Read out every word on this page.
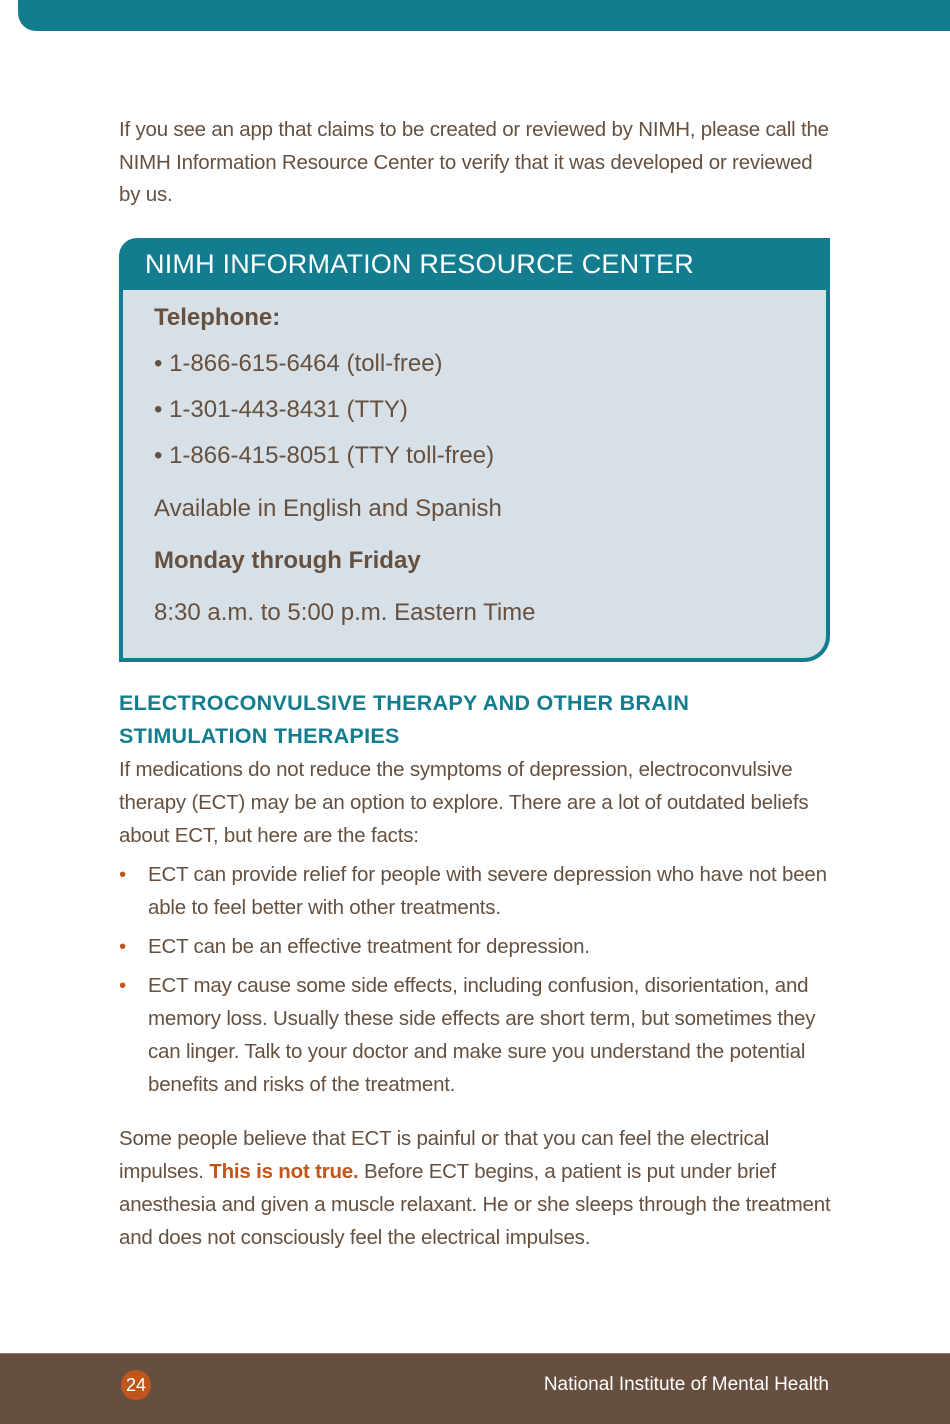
If you see an app that claims to be created or reviewed by NIMH, please call the NIMH Information Resource Center to verify that it was developed or reviewed by us.

NIMH INFORMATION RESOURCE CENTER
Telephone:
• 1-866-615-6464 (toll-free)
• 1-301-443-8431 (TTY)
• 1-866-415-8051 (TTY toll-free)
Available in English and Spanish
Monday through Friday
8:30 a.m. to 5:00 p.m. Eastern Time
ELECTROCONVULSIVE THERAPY AND OTHER BRAIN STIMULATION THERAPIES

If medications do not reduce the symptoms of depression, electroconvulsive therapy (ECT) may be an option to explore. There are a lot of outdated beliefs about ECT, but here are the facts:

• ECT can provide relief for people with severe depression who have not been able to feel better with other treatments.
• ECT can be an effective treatment for depression.
• ECT may cause some side effects, including confusion, disorientation, and memory loss. Usually these side effects are short term, but sometimes they can linger. Talk to your doctor and make sure you understand the potential benefits and risks of the treatment.

Some people believe that ECT is painful or that you can feel the electrical impulses. This is not true. Before ECT begins, a patient is put under brief anesthesia and given a muscle relaxant. He or she sleeps through the treatment and does not consciously feel the electrical impulses.

24	National Institute of Mental Health
